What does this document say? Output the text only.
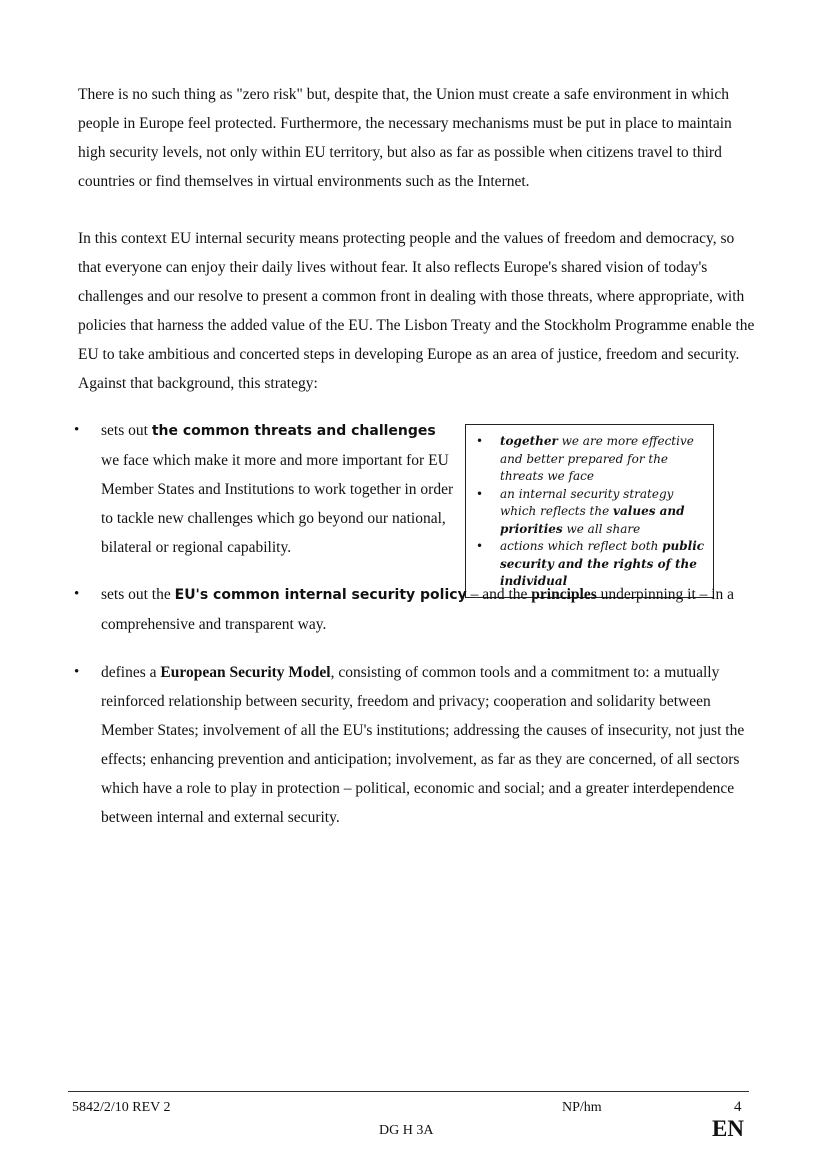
There is no such thing as "zero risk" but, despite that, the Union must create a safe environment in which people in Europe feel protected. Furthermore, the necessary mechanisms must be put in place to maintain high security levels, not only within EU territory, but also as far as possible when citizens travel to third countries or find themselves in virtual environments such as the Internet.

In this context EU internal security means protecting people and the values of freedom and democracy, so that everyone can enjoy their daily lives without fear. It also reflects Europe's shared vision of today's challenges and our resolve to present a common front in dealing with those threats, where appropriate, with policies that harness the added value of the EU. The Lisbon Treaty and the Stockholm Programme enable the EU to take ambitious and concerted steps in developing Europe as an area of justice, freedom and security. Against that background, this strategy:

• sets out the common threats and challenges we face which make it more and more important for EU Member States and Institutions to work together in order to tackle new challenges which go beyond our national, bilateral or regional capability.

• together we are more effective and better prepared for the threats we face
• an internal security strategy which reflects the values and priorities we all share
• actions which reflect both public security and the rights of the individual
• sets out the EU's common internal security policy – and the principles underpinning it – in a comprehensive and transparent way.

• defines a European Security Model, consisting of common tools and a commitment to: a mutually reinforced relationship between security, freedom and privacy; cooperation and solidarity between Member States; involvement of all the EU's institutions; addressing the causes of insecurity, not just the effects; enhancing prevention and anticipation; involvement, as far as they are concerned, of all sectors which have a role to play in protection – political, economic and social; and a greater interdependence between internal and external security.

5842/2/10 REV 2
DG H 3A
NP/hm	4
EN
